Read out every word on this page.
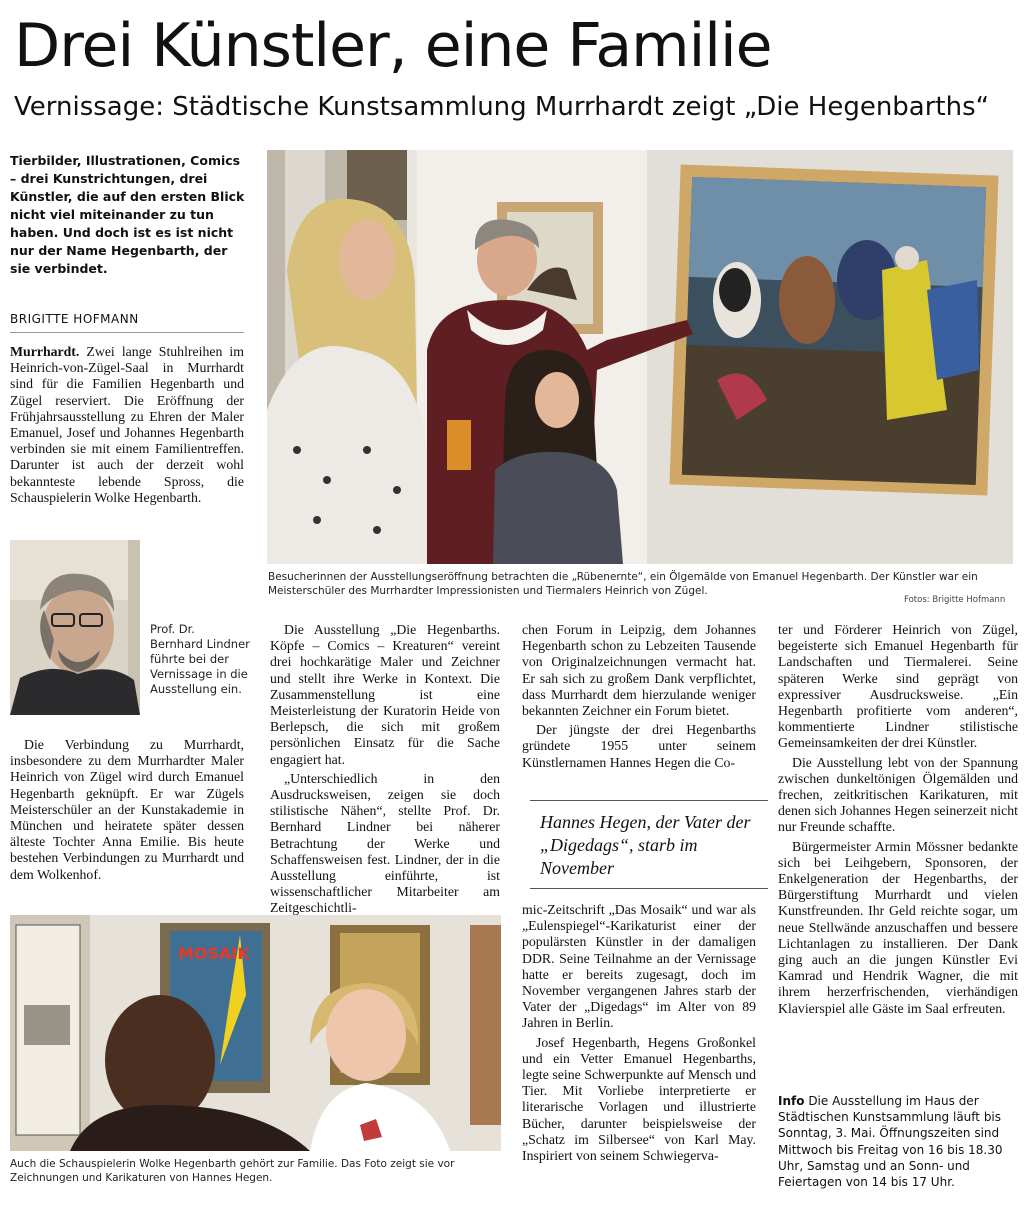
Drei Künstler, eine Familie
Vernissage: Städtische Kunstsammlung Murrhardt zeigt „Die Hegenbarths“
Tierbilder, Illustrationen, Comics – drei Kunstrichtungen, drei Künstler, die auf den ersten Blick nicht viel miteinander zu tun haben. Und doch ist es ist nicht nur der Name Hegenbarth, der sie verbindet.
BRIGITTE HOFMANN

Murrhardt. Zwei lange Stuhlreihen im Heinrich-von-Zügel-Saal in Murrhardt sind für die Familien Hegenbarth und Zügel reserviert. Die Eröffnung der Frühjahrsausstellung zu Ehren der Maler Emanuel, Josef und Johannes Hegenbarth verbinden sie mit einem Familientreffen. Darunter ist auch der derzeit wohl bekannteste lebende Spross, die Schauspielerin Wolke Hegenbarth.

Prof. Dr. Bernhard Lindner führte bei der Vernissage in die Ausstellung ein.

Die Verbindung zu Murrhardt, insbesondere zu dem Murrhardter Maler Heinrich von Zügel wird durch Emanuel Hegenbarth geknüpft. Er war Zügels Meisterschüler an der Kunstakademie in München und heiratete später dessen älteste Tochter Anna Emilie. Bis heute bestehen Verbindungen zu Murrhardt und dem Wolkenhof.

Besucherinnen der Ausstellungseröffnung betrachten die „Rübenernte“, ein Ölgemälde von Emanuel Hegenbarth. Der Künstler war ein Meisterschüler des Murrhardter Impressionisten und Tiermalers Heinrich von Zügel.
Fotos: Brigitte Hofmann

Die Ausstellung „Die Hegenbarths. Köpfe – Comics – Kreaturen“ vereint drei hochkarätige Maler und Zeichner und stellt ihre Werke in Kontext. Die Zusammenstellung ist eine Meisterleistung der Kuratorin Heide von Berlepsch, die sich mit großem persönlichen Einsatz für die Sache engagiert hat.

„Unterschiedlich in den Ausdrucksweisen, zeigen sie doch stilistische Nähen“, stellte Prof. Dr. Bernhard Lindner bei näherer Betrachtung der Werke und Schaffensweisen fest. Lindner, der in die Ausstellung einführte, ist wissenschaftlicher Mitarbeiter am Zeitgeschichtli-

chen Forum in Leipzig, dem Johannes Hegenbarth schon zu Lebzeiten Tausende von Originalzeichnungen vermacht hat. Er sah sich zu großem Dank verpflichtet, dass Murrhardt dem hierzulande weniger bekannten Zeichner ein Forum bietet.

Der jüngste der drei Hegenbarths gründete 1955 unter seinem Künstlernamen Hannes Hegen die Co-

Hannes Hegen, der Vater der „Digedags“, starb im November

mic-Zeitschrift „Das Mosaik“ und war als „Eulenspiegel“-Karikaturist einer der populärsten Künstler in der damaligen DDR. Seine Teilnahme an der Vernissage hatte er bereits zugesagt, doch im November vergangenen Jahres starb der Vater der „Digedags“ im Alter von 89 Jahren in Berlin.

Josef Hegenbarth, Hegens Großonkel und ein Vetter Emanuel Hegenbarths, legte seine Schwerpunkte auf Mensch und Tier. Mit Vorliebe interpretierte er literarische Vorlagen und illustrierte Bücher, darunter beispielsweise der „Schatz im Silbersee“ von Karl May. Inspiriert von seinem Schwiegerva-

ter und Förderer Heinrich von Zügel, begeisterte sich Emanuel Hegenbarth für Landschaften und Tiermalerei. Seine späteren Werke sind geprägt von expressiver Ausdrucksweise. „Ein Hegenbarth profitierte vom anderen“, kommentierte Lindner stilistische Gemeinsamkeiten der drei Künstler.

Die Ausstellung lebt von der Spannung zwischen dunkeltönigen Ölgemälden und frechen, zeitkritischen Karikaturen, mit denen sich Johannes Hegen seinerzeit nicht nur Freunde schaffte.

Bürgermeister Armin Mössner bedankte sich bei Leihgebern, Sponsoren, der Enkelgeneration der Hegenbarths, der Bürgerstiftung Murrhardt und vielen Kunstfreunden. Ihr Geld reichte sogar, um neue Stellwände anzuschaffen und bessere Lichtanlagen zu installieren. Der Dank ging auch an die jungen Künstler Evi Kamrad und Hendrik Wagner, die mit ihrem herzerfrischenden, vierhändigen Klavierspiel alle Gäste im Saal erfreuten.

Info Die Ausstellung im Haus der Städtischen Kunstsammlung läuft bis Sonntag, 3. Mai. Öffnungszeiten sind Mittwoch bis Freitag von 16 bis 18.30 Uhr, Samstag und an Sonn- und Feiertagen von 14 bis 17 Uhr.
MOSAIK
Auch die Schauspielerin Wolke Hegenbarth gehört zur Familie. Das Foto zeigt sie vor Zeichnungen und Karikaturen von Hannes Hegen.
